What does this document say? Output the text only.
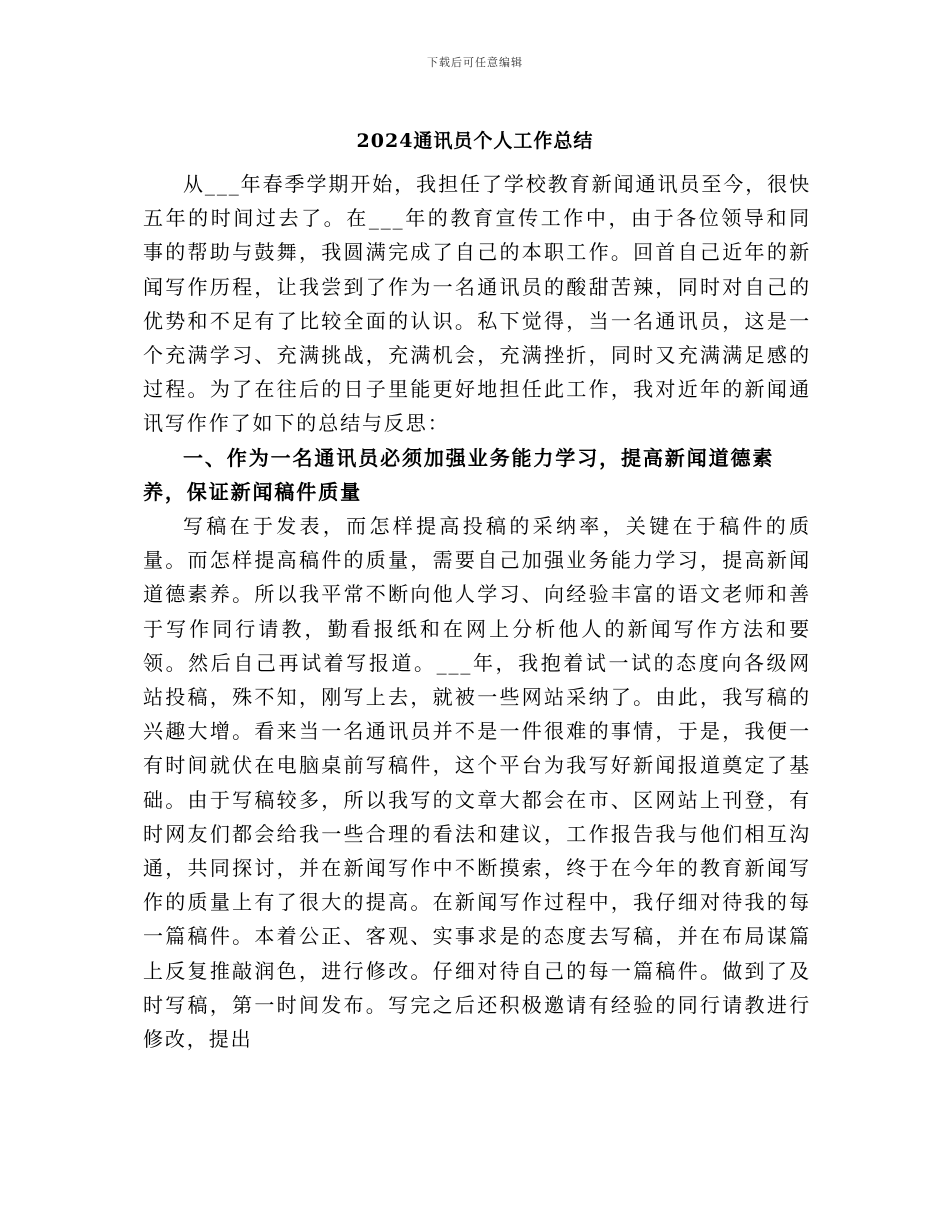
下载后可任意编辑
2024通讯员个人工作总结

从___年春季学期开始，我担任了学校教育新闻通讯员至今，很快五年的时间过去了。在___年的教育宣传工作中，由于各位领导和同事的帮助与鼓舞，我圆满完成了自己的本职工作。回首自己近年的新闻写作历程，让我尝到了作为一名通讯员的酸甜苦辣，同时对自己的优势和不足有了比较全面的认识。私下觉得，当一名通讯员，这是一个充满学习、充满挑战，充满机会，充满挫折，同时又充满满足感的过程。为了在往后的日子里能更好地担任此工作，我对近年的新闻通讯写作作了如下的总结与反思：

一、作为一名通讯员必须加强业务能力学习，提高新闻道德素养，保证新闻稿件质量

写稿在于发表，而怎样提高投稿的采纳率，关键在于稿件的质量。而怎样提高稿件的质量，需要自己加强业务能力学习，提高新闻道德素养。所以我平常不断向他人学习、向经验丰富的语文老师和善于写作同行请教，勤看报纸和在网上分析他人的新闻写作方法和要领。然后自己再试着写报道。___年，我抱着试一试的态度向各级网站投稿，殊不知，刚写上去，就被一些网站采纳了。由此，我写稿的兴趣大增。看来当一名通讯员并不是一件很难的事情，于是，我便一有时间就伏在电脑桌前写稿件，这个平台为我写好新闻报道奠定了基础。由于写稿较多，所以我写的文章大都会在市、区网站上刊登，有时网友们都会给我一些合理的看法和建议，工作报告我与他们相互沟通，共同探讨，并在新闻写作中不断摸索，终于在今年的教育新闻写作的质量上有了很大的提高。在新闻写作过程中，我仔细对待我的每一篇稿件。本着公正、客观、实事求是的态度去写稿，并在布局谋篇上反复推敲润色，进行修改。仔细对待自己的每一篇稿件。做到了及时写稿，第一时间发布。写完之后还积极邀请有经验的同行请教进行修改，提出
